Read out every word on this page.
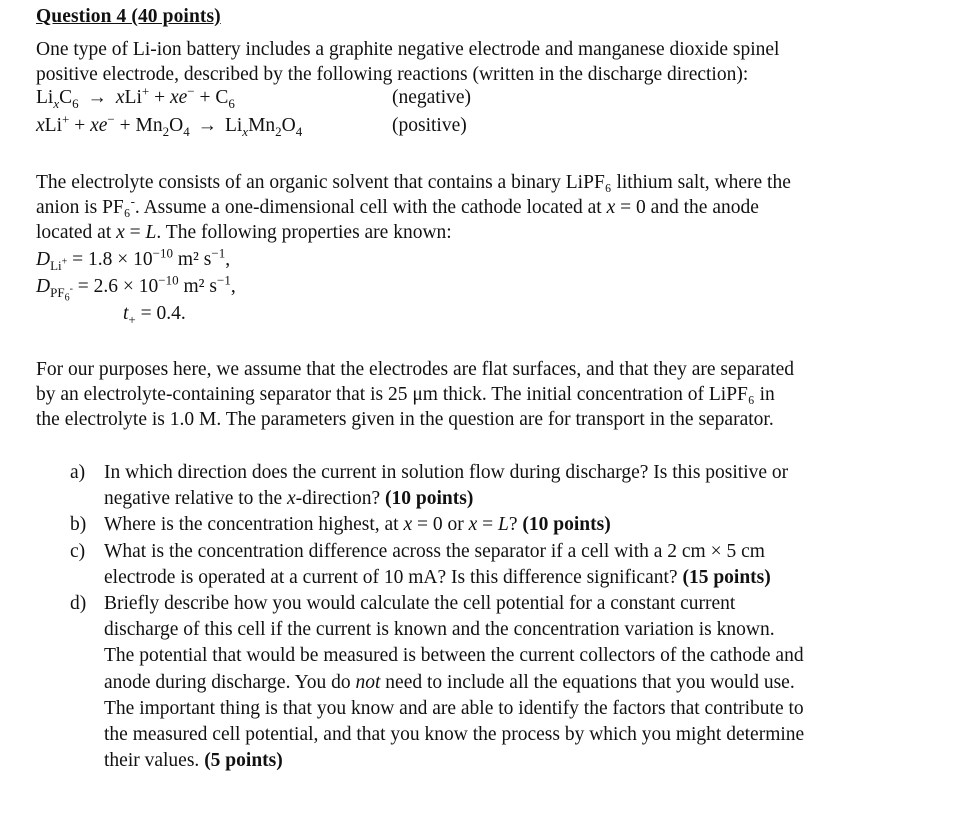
Question 4 (40 points)
One type of Li-ion battery includes a graphite negative electrode and manganese dioxide spinel
positive electrode, described by the following reactions (written in the discharge direction):
$Li_xC_6 \to xLi^+ + xe^- + C_6$	(negative)
$xLi^+ + xe^- + Mn_2O_4 \to Li_xMn_2O_4$	(positive)
The electrolyte consists of an organic solvent that contains a binary LiPF₆ lithium salt, where the
anion is PF₆-. Assume a one-dimensional cell with the cathode located at x = 0 and the anode
located at x = L. The following properties are known:
$D_{Li^+} = 1.8 \times 10^{-10}$ m² $s^{-1}$,
$D_{PF_6^-} = 2.6 \times 10^{-10}$ m² $s^{-1}$,
$t_+ = 0.4$.
For our purposes here, we assume that the electrodes are flat surfaces, and that they are separated
by an electrolyte-containing separator that is 25 μm thick. The initial concentration of LiPF₆ in
the electrolyte is 1.0 M. The parameters given in the question are for transport in the separator.
a) In which direction does the current in solution flow during discharge? Is this positive or
negative relative to the x-direction? (10 points)
b) Where is the concentration highest, at x = 0 or x = L? (10 points)
c) What is the concentration difference across the separator if a cell with a 2 cm × 5 cm
electrode is operated at a current of 10 mA? Is this difference significant? (15 points)
d) Briefly describe how you would calculate the cell potential for a constant current
discharge of this cell if the current is known and the concentration variation is known.
The potential that would be measured is between the current collectors of the cathode and
anode during discharge. You do not need to include all the equations that you would use.
The important thing is that you know and are able to identify the factors that contribute to
the measured cell potential, and that you know the process by which you might determine
their values. (5 points)
